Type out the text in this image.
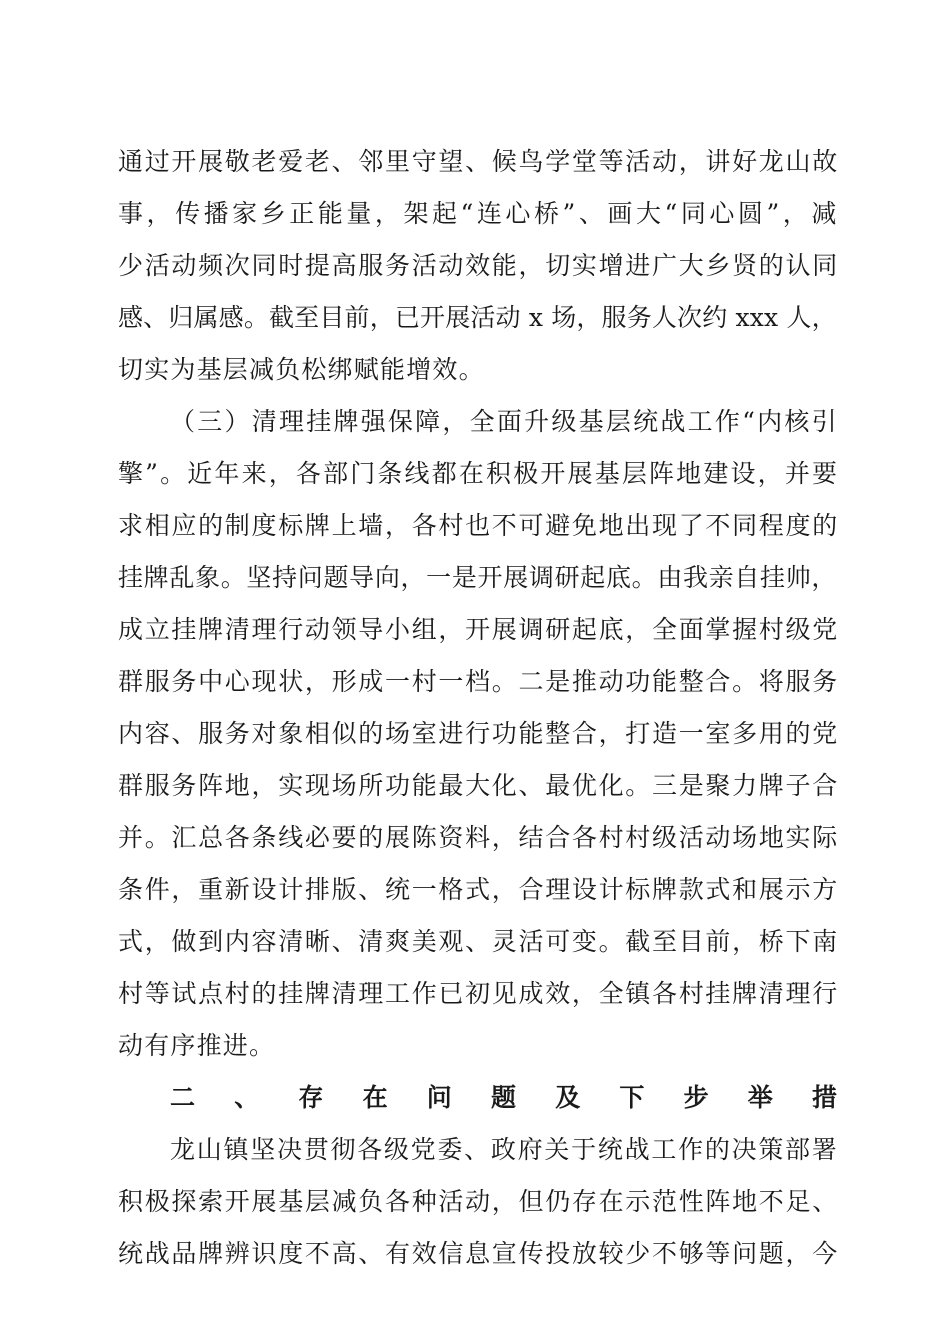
通过开展敬老爱老、邻里守望、候鸟学堂等活动，讲好龙山故
事，传播家乡正能量，架起“连心桥”、画大“同心圆”，减
少活动频次同时提高服务活动效能，切实增进广大乡贤的认同
感、归属感。截至目前，已开展活动 x 场，服务人次约 xxx 人，
切实为基层减负松绑赋能增效。
（三）清理挂牌强保障，全面升级基层统战工作“内核引
擎”。近年来，各部门条线都在积极开展基层阵地建设，并要
求相应的制度标牌上墙，各村也不可避免地出现了不同程度的
挂牌乱象。坚持问题导向，一是开展调研起底。由我亲自挂帅，
成立挂牌清理行动领导小组，开展调研起底，全面掌握村级党
群服务中心现状，形成一村一档。二是推动功能整合。将服务
内容、服务对象相似的场室进行功能整合，打造一室多用的党
群服务阵地，实现场所功能最大化、最优化。三是聚力牌子合
并。汇总各条线必要的展陈资料，结合各村村级活动场地实际
条件，重新设计排版、统一格式，合理设计标牌款式和展示方
式，做到内容清晰、清爽美观、灵活可变。截至目前，桥下南
村等试点村的挂牌清理工作已初见成效，全镇各村挂牌清理行
动有序推进。
二、存在问题及下步举措
龙山镇坚决贯彻各级党委、政府关于统战工作的决策部署
积极探索开展基层减负各种活动，但仍存在示范性阵地不足、
统战品牌辨识度不高、有效信息宣传投放较少不够等问题，今
